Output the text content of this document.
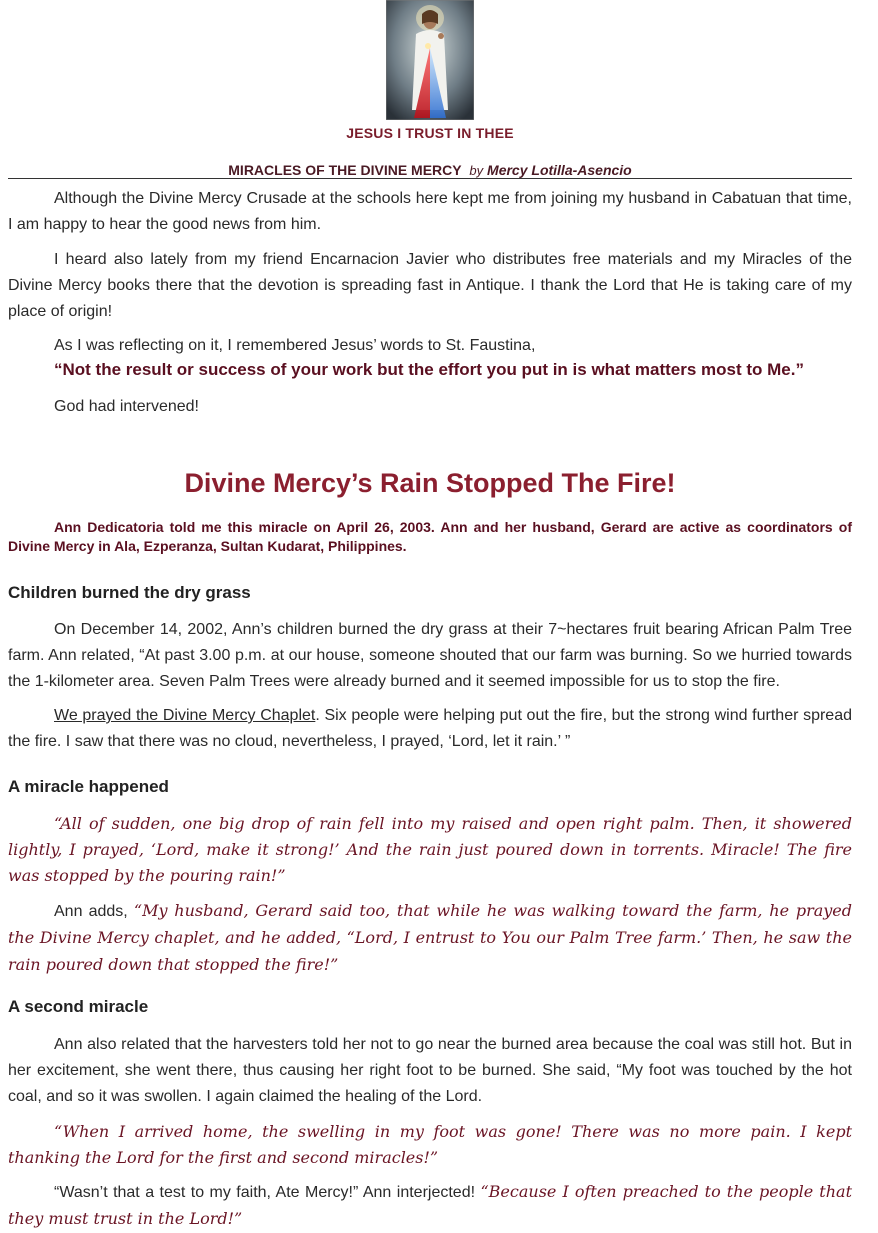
JESUS I TRUST IN THEE
MIRACLES OF THE DIVINE MERCY by Mercy Lotilla-Asencio

Although the Divine Mercy Crusade at the schools here kept me from joining my husband in Cabatuan that time, I am happy to hear the good news from him.

I heard also lately from my friend Encarnacion Javier who distributes free materials and my Miracles of the Divine Mercy books there that the devotion is spreading fast in Antique. I thank the Lord that He is taking care of my place of origin!

As I was reflecting on it, I remembered Jesus’ words to St. Faustina,

“Not the result or success of your work but the effort you put in is what matters most to Me.”

God had intervened!

Divine Mercy’s Rain Stopped The Fire!

Ann Dedicatoria told me this miracle on April 26, 2003. Ann and her husband, Gerard are active as coordinators of Divine Mercy in Ala, Ezperanza, Sultan Kudarat, Philippines.

Children burned the dry grass

On December 14, 2002, Ann’s children burned the dry grass at their 7~hectares fruit bearing African Palm Tree farm. Ann related, “At past 3.00 p.m. at our house, someone shouted that our farm was burning. So we hurried towards the 1-kilometer area. Seven Palm Trees were already burned and it seemed impossible for us to stop the fire.

We prayed the Divine Mercy Chaplet. Six people were helping put out the fire, but the strong wind further spread the fire. I saw that there was no cloud, nevertheless, I prayed, ‘Lord, let it rain.’ ”

A miracle happened

“All of sudden, one big drop of rain fell into my raised and open right palm. Then, it showered lightly, I prayed, ‘Lord, make it strong!’ And the rain just poured down in torrents. Miracle! The fire was stopped by the pouring rain!”

Ann adds, “My husband, Gerard said too, that while he was walking toward the farm, he prayed the Divine Mercy chaplet, and he added, “Lord, I entrust to You our Palm Tree farm.’ Then, he saw the rain poured down that stopped the fire!”

A second miracle

Ann also related that the harvesters told her not to go near the burned area because the coal was still hot. But in her excitement, she went there, thus causing her right foot to be burned. She said, “My foot was touched by the hot coal, and so it was swollen. I again claimed the healing of the Lord.

“When I arrived home, the swelling in my foot was gone! There was no more pain. I kept thanking the Lord for the first and second miracles!”

“Wasn’t that a test to my faith, Ate Mercy!” Ann interjected! “Because I often preached to the people that they must trust in the Lord!”
